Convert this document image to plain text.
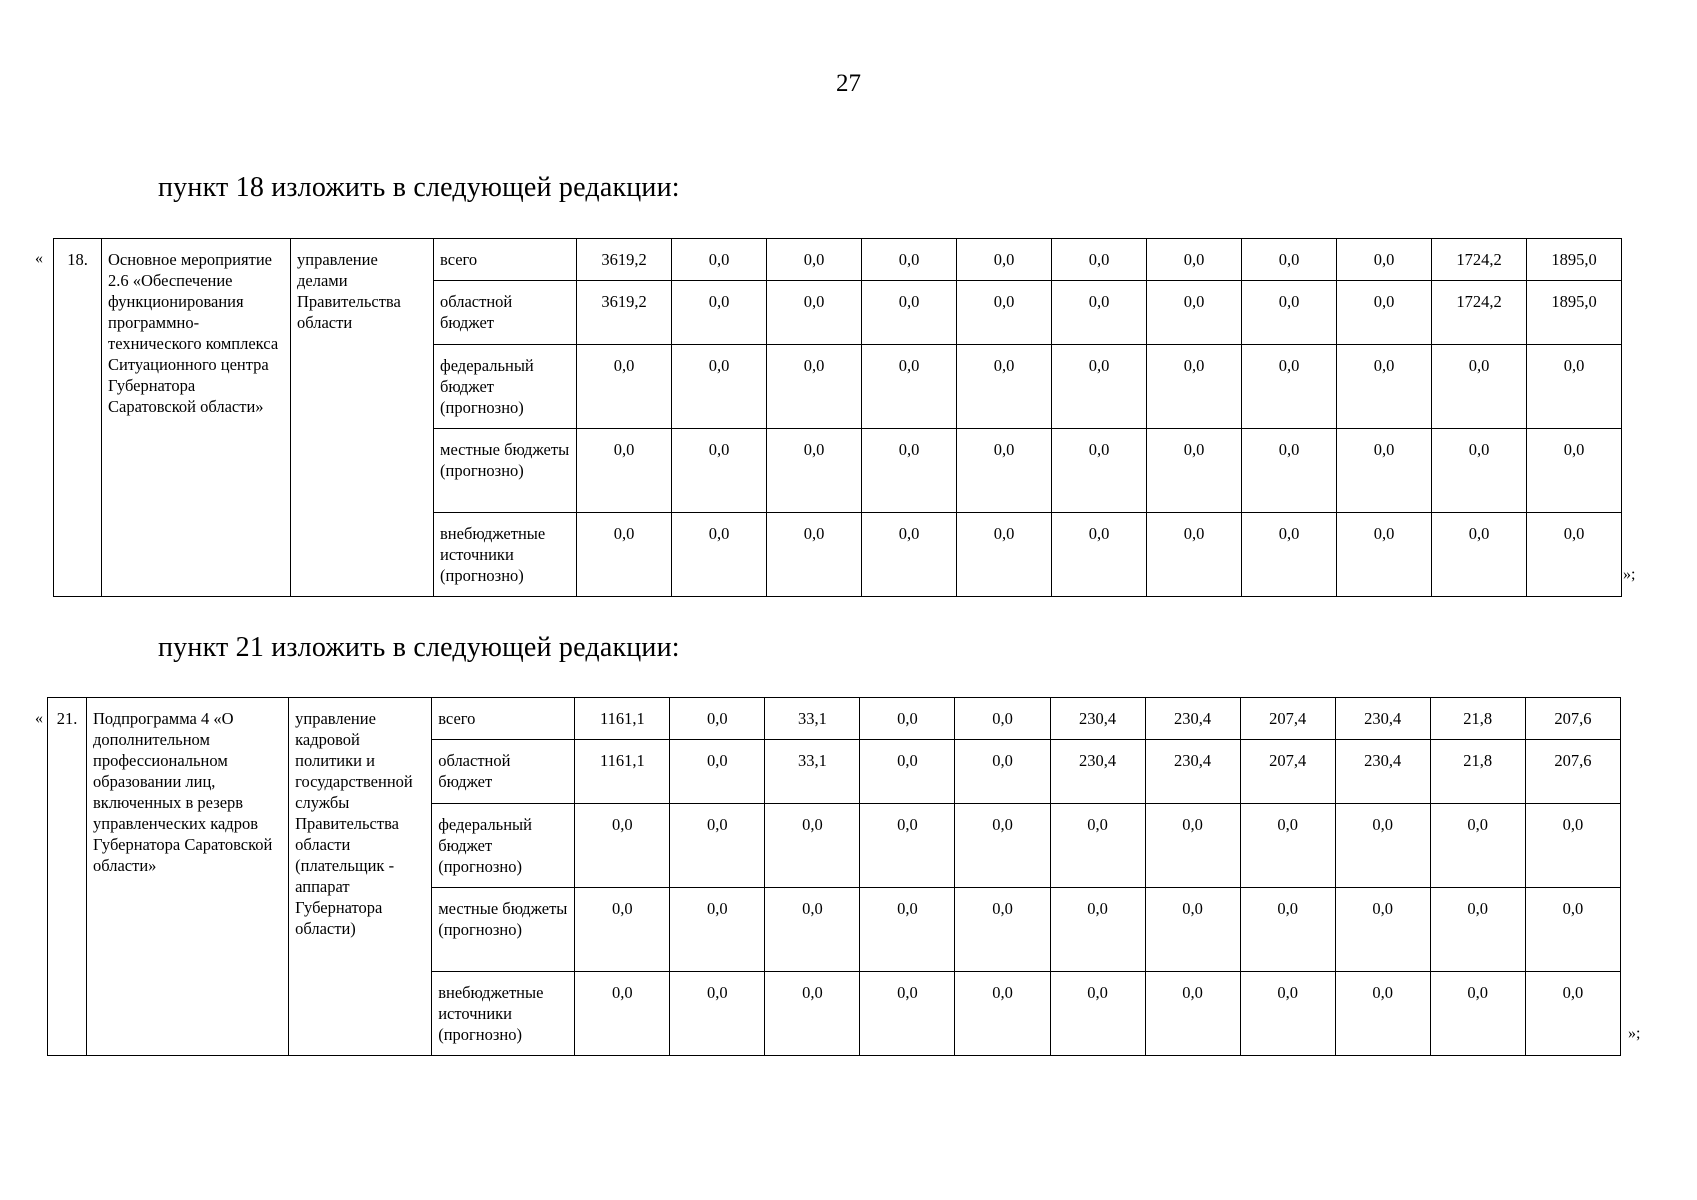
27
пункт 18 изложить в следующей редакции:
« 18.	Основное мероприятие 2.6 «Обеспечение функционирования программно-технического комплекса Ситуационного центра Губернатора Саратовской области»	управление делами Правительства области	всего	3619,2	0,0	0,0	0,0	0,0	0,0	0,0	0,0	0,0	1724,2	1895,0
			областной бюджет	3619,2	0,0	0,0	0,0	0,0	0,0	0,0	0,0	0,0	1724,2	1895,0
			федеральный бюджет (прогнозно)	0,0	0,0	0,0	0,0	0,0	0,0	0,0	0,0	0,0	0,0	0,0
			местные бюджеты (прогнозно)	0,0	0,0	0,0	0,0	0,0	0,0	0,0	0,0	0,0	0,0	0,0
			внебюджетные источники (прогнозно)	0,0	0,0	0,0	0,0	0,0	0,0	0,0	0,0	0,0	0,0	0,0
»;
пункт 21 изложить в следующей редакции:
« 21.	Подпрограмма 4 «О дополнительном профессиональном образовании лиц, включенных в резерв управленческих кадров Губернатора Саратовской области»	управление кадровой политики и государственной службы Правительства области (плательщик - аппарат Губернатора области)	всего	1161,1	0,0	33,1	0,0	0,0	230,4	230,4	207,4	230,4	21,8	207,6
			областной бюджет	1161,1	0,0	33,1	0,0	0,0	230,4	230,4	207,4	230,4	21,8	207,6
			федеральный бюджет (прогнозно)	0,0	0,0	0,0	0,0	0,0	0,0	0,0	0,0	0,0	0,0	0,0
			местные бюджеты (прогнозно)	0,0	0,0	0,0	0,0	0,0	0,0	0,0	0,0	0,0	0,0	0,0
			внебюджетные источники (прогнозно)	0,0	0,0	0,0	0,0	0,0	0,0	0,0	0,0	0,0	0,0	0,0
»;
